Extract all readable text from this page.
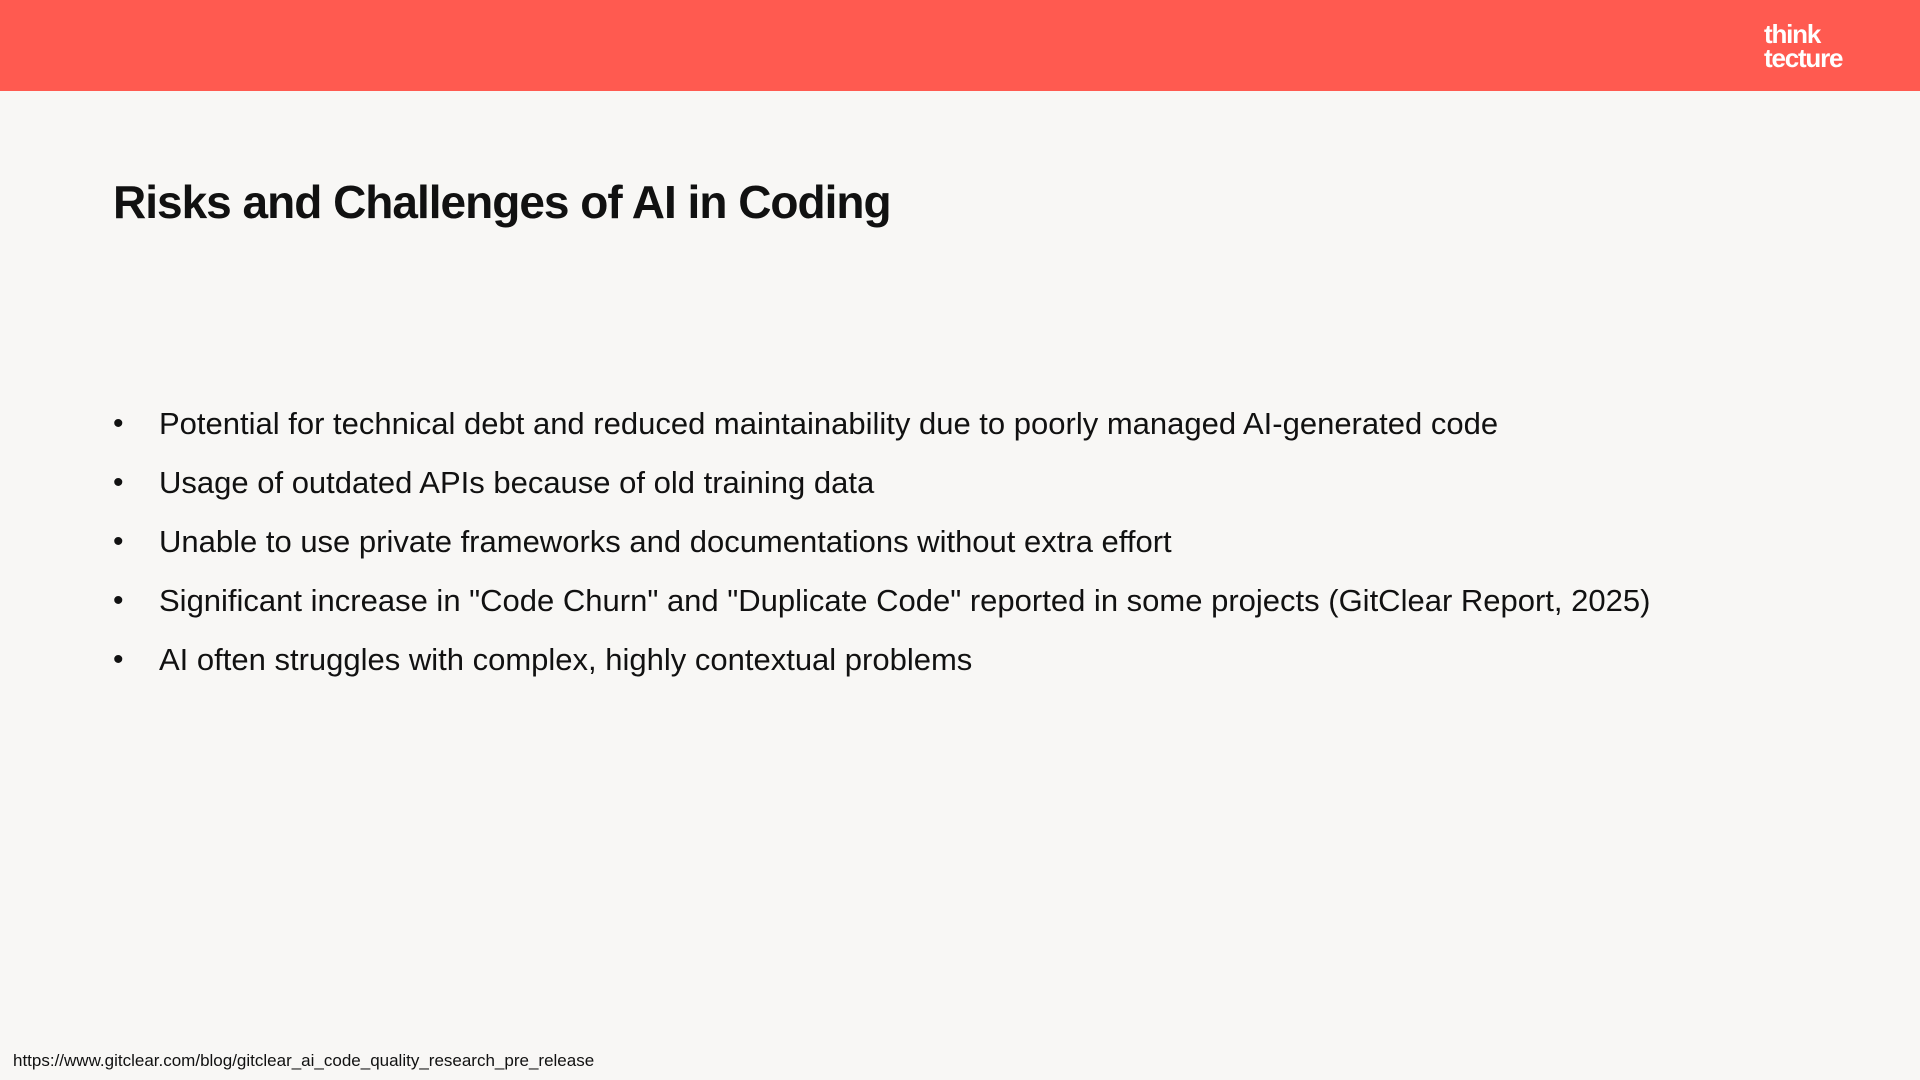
think
tecture
Risks and Challenges of AI in Coding
• Potential for technical debt and reduced maintainability due to poorly managed AI-generated code
• Usage of outdated APIs because of old training data
• Unable to use private frameworks and documentations without extra effort
• Significant increase in "Code Churn" and "Duplicate Code" reported in some projects (GitClear Report, 2025)
• AI often struggles with complex, highly contextual problems
https://www.gitclear.com/blog/gitclear_ai_code_quality_research_pre_release
